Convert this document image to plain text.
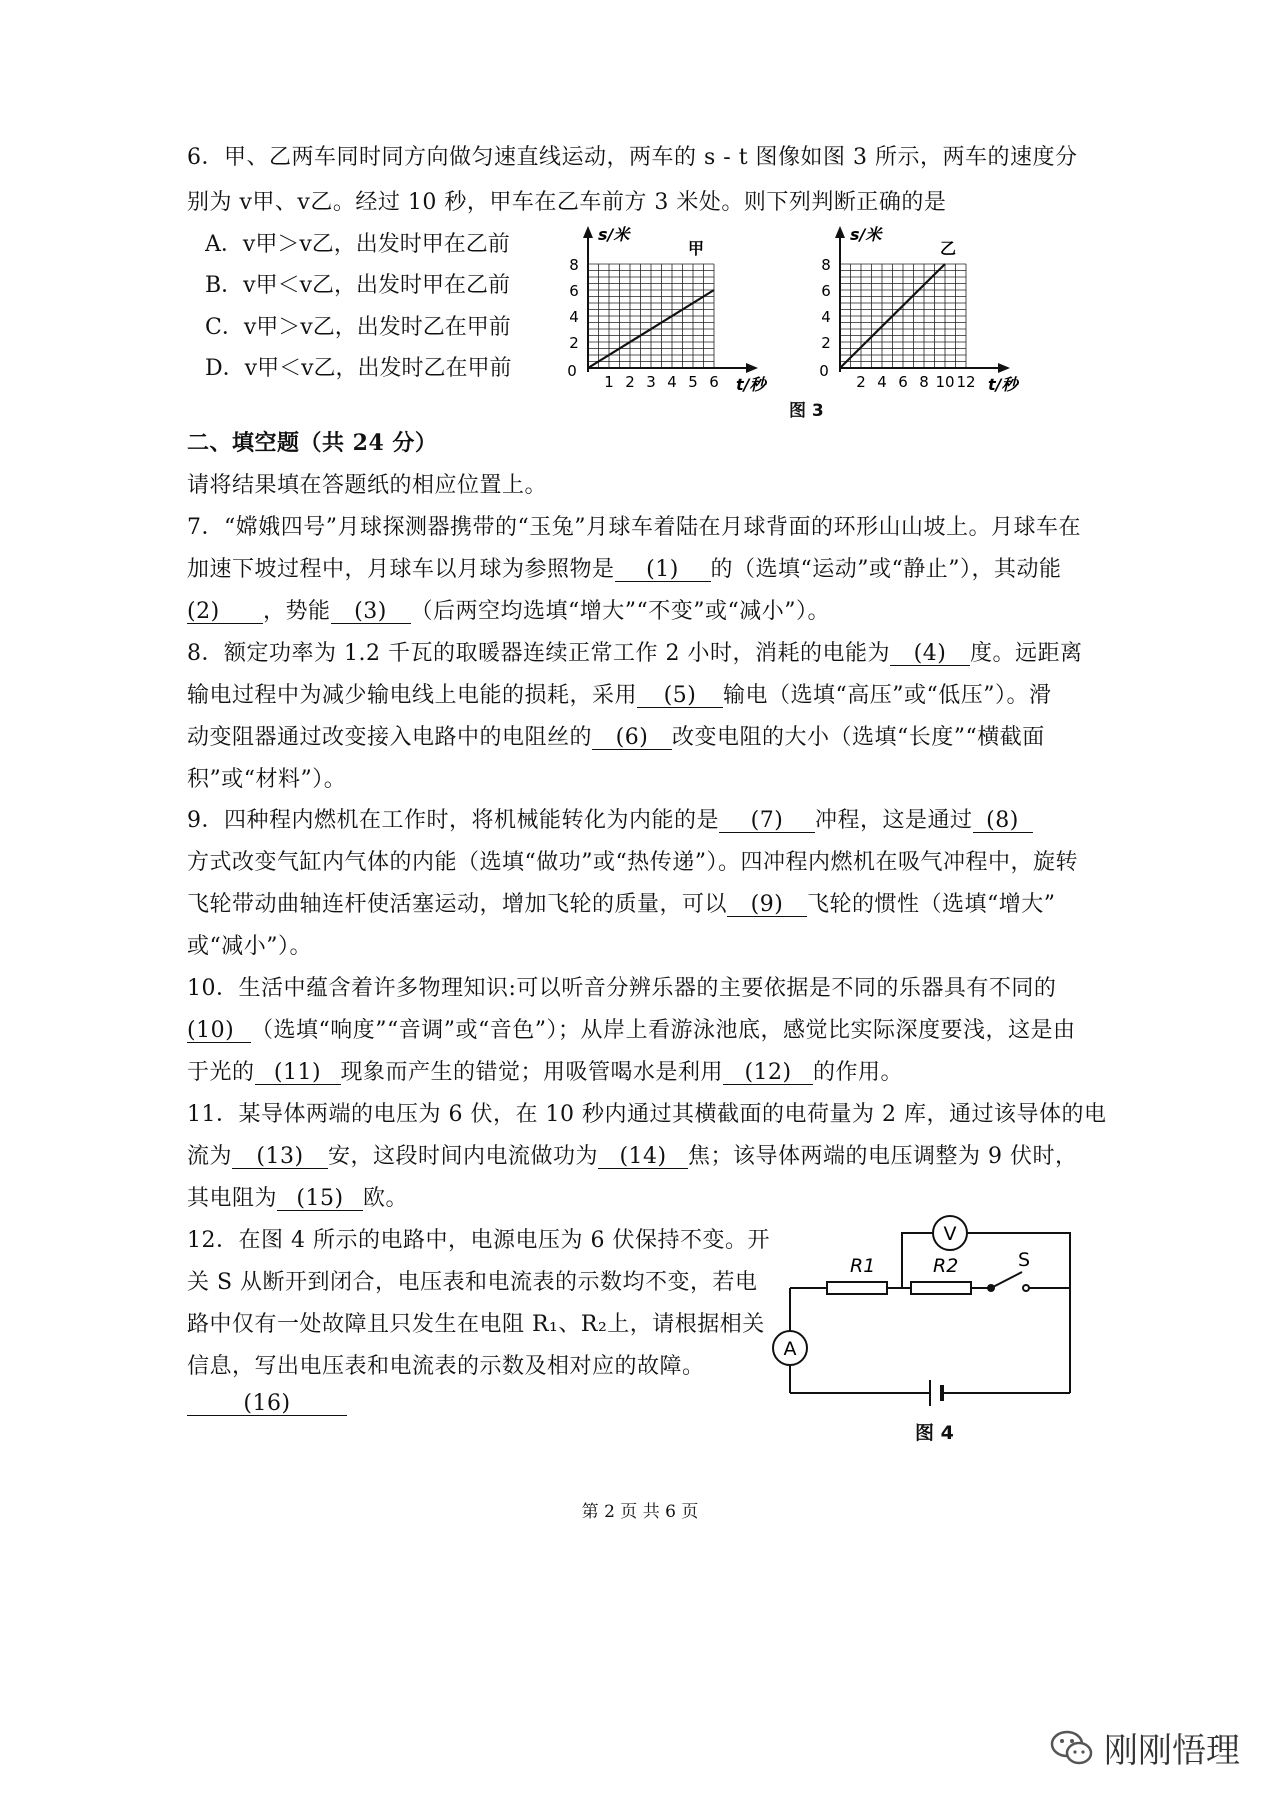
6．甲、乙两车同时同方向做匀速直线运动，两车的 s - t 图像如图 3 所示，两车的速度分
别为 v甲、v乙。经过 10 秒，甲车在乙车前方 3 米处。则下列判断正确的是
A．v甲＞v乙，出发时甲在乙前
B．v甲＜v乙，出发时甲在乙前
C．v甲＞v乙，出发时乙在甲前
D．v甲＜v乙，出发时乙在甲前
2
4
6
8
0
1 2 3 4 5 6
s/米
t/秒
甲
2
4
6
8
0
2 4 6 8 10 12
s/米
t/秒
乙
图 3
二、填空题（共 24 分）
请将结果填在答题纸的相应位置上。
7．“嫦娥四号”月球探测器携带的“玉兔”月球车着陆在月球背面的环形山山坡上。月球车在
加速下坡过程中，月球车以月球为参照物是 (1) 的（选填“运动”或“静止”），其动能
(2) ，势能 (3) （后两空均选填“增大”“不变”或“减小”）。
8．额定功率为 1.2 千瓦的取暖器连续正常工作 2 小时，消耗的电能为 (4) 度。远距离
输电过程中为减少输电线上电能的损耗，采用 (5) 输电（选填“高压”或“低压”）。滑
动变阻器通过改变接入电路中的电阻丝的 (6) 改变电阻的大小（选填“长度”“横截面
积”或“材料”）。
9．四种程内燃机在工作时，将机械能转化为内能的是 (7) 冲程，这是通过 (8)
方式改变气缸内气体的内能（选填“做功”或“热传递”）。四冲程内燃机在吸气冲程中，旋转
飞轮带动曲轴连杆使活塞运动，增加飞轮的质量，可以 (9) 飞轮的惯性（选填“增大”
或“减小”）。
10．生活中蕴含着许多物理知识:可以听音分辨乐器的主要依据是不同的乐器具有不同的
(10) （选填“响度”“音调”或“音色”）；从岸上看游泳池底，感觉比实际深度要浅，这是由
于光的 (11) 现象而产生的错觉；用吸管喝水是利用 (12) 的作用。
11．某导体两端的电压为 6 伏，在 10 秒内通过其横截面的电荷量为 2 库，通过该导体的电
流为 (13) 安，这段时间内电流做功为 (14) 焦；该导体两端的电压调整为 9 伏时，
其电阻为 (15) 欧。
12．在图 4 所示的电路中，电源电压为 6 伏保持不变。开
关 S 从断开到闭合，电压表和电流表的示数均不变，若电
路中仅有一处故障且只发生在电阻 R₁、R₂上，请根据相关
信息，写出电压表和电流表的示数及相对应的故障。
(16)
V
A
R1	R2	S
图 4
第 2 页 共 6 页
刚刚悟理
